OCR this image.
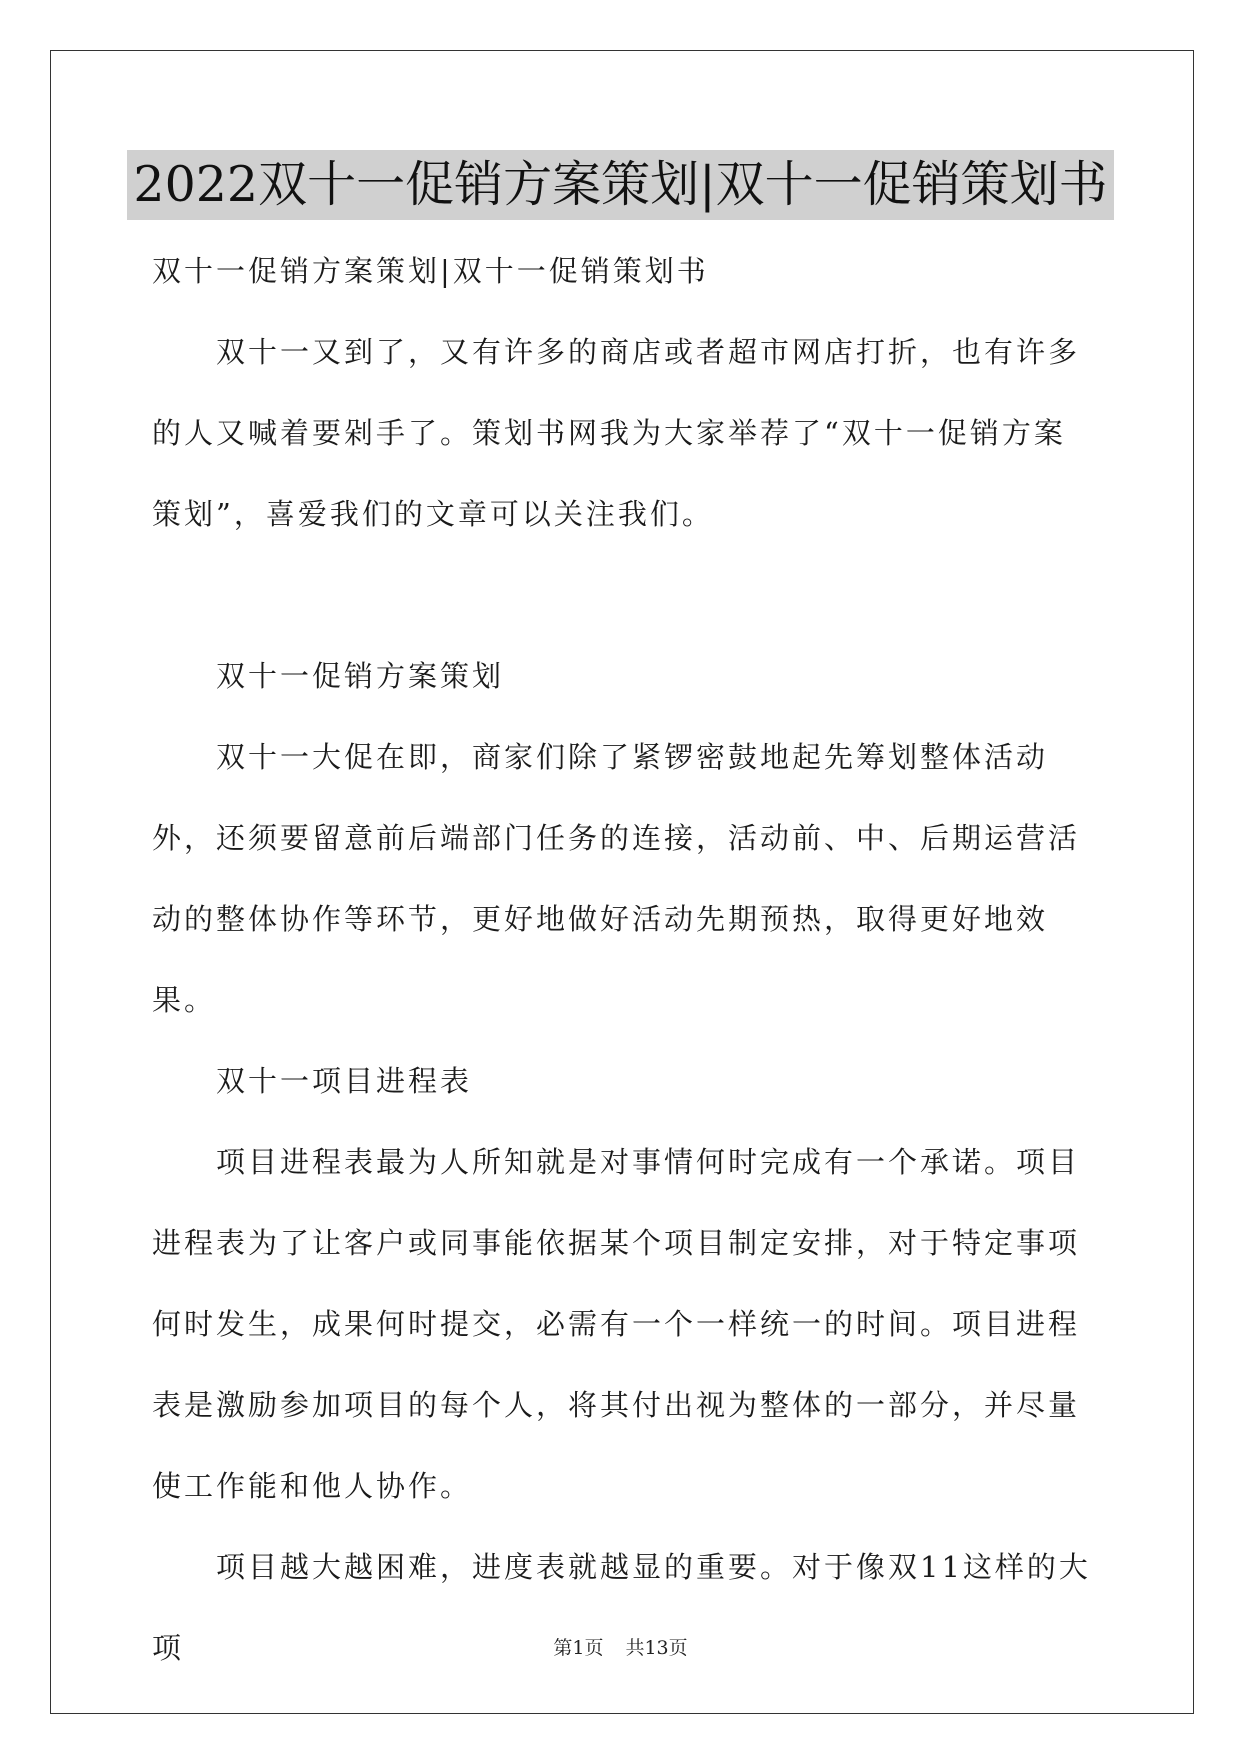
2022双十一促销方案策划|双十一促销策划书

双十一促销方案策划|双十一促销策划书

双十一又到了，又有许多的商店或者超市网店打折，也有许多的人又喊着要剁手了。策划书网我为大家举荐了“双十一促销方案策划”，喜爱我们的文章可以关注我们。

双十一促销方案策划

双十一大促在即，商家们除了紧锣密鼓地起先筹划整体活动外，还须要留意前后端部门任务的连接，活动前、中、后期运营活动的整体协作等环节，更好地做好活动先期预热，取得更好地效果。

双十一项目进程表

项目进程表最为人所知就是对事情何时完成有一个承诺。项目进程表为了让客户或同事能依据某个项目制定安排，对于特定事项何时发生，成果何时提交，必需有一个一样统一的时间。项目进程表是激励参加项目的每个人，将其付出视为整体的一部分，并尽量使工作能和他人协作。

项目越大越困难，进度表就越显的重要。对于像双11这样的大项	第1页 共13页
